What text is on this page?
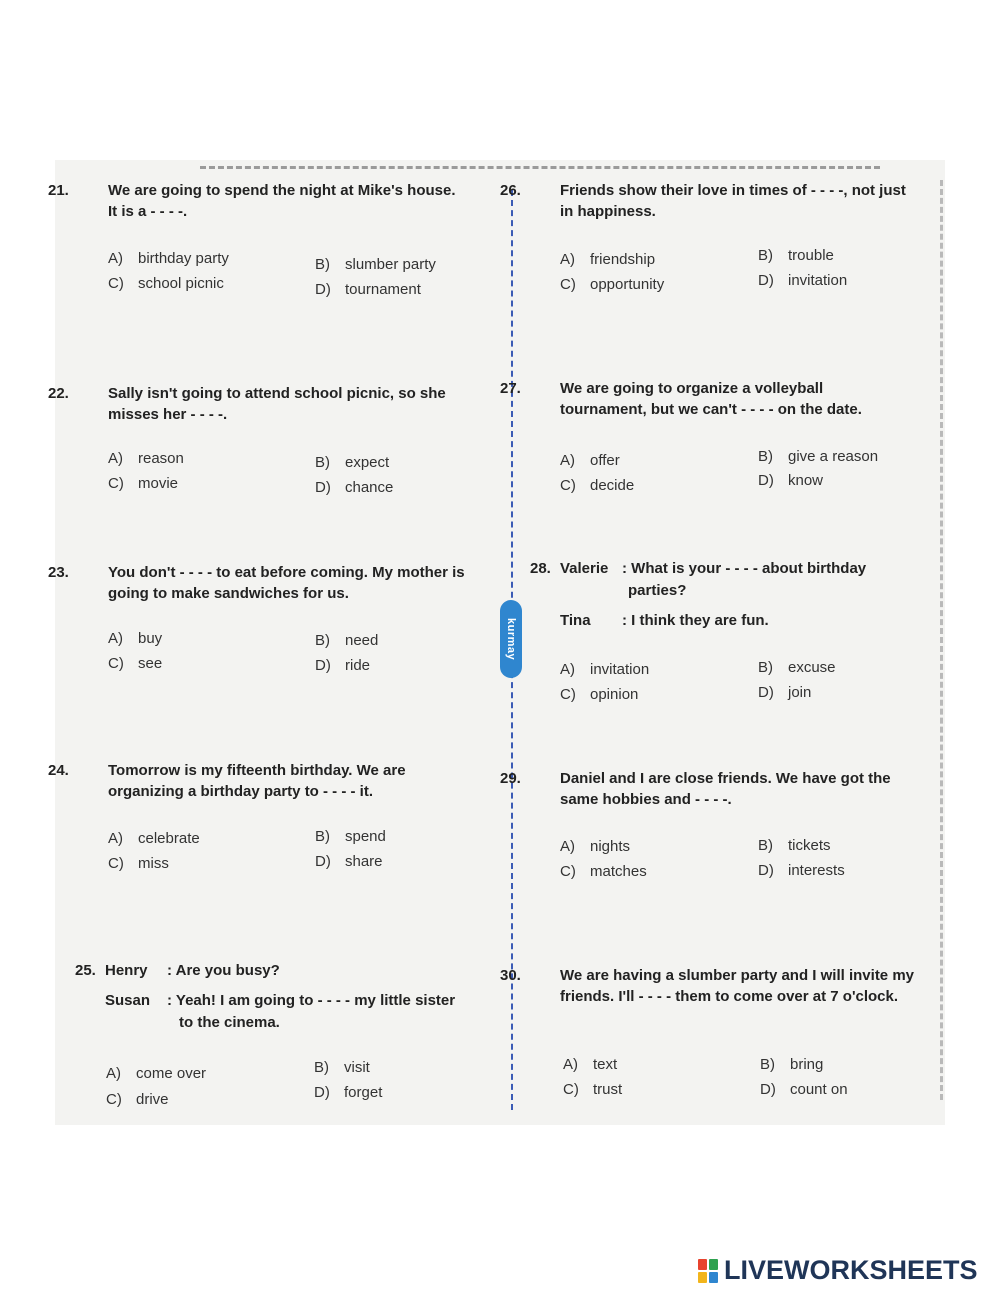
kurmay
21.	We are going to spend the night at Mike's house. It is a - - - -.
A) birthday party	B) slumber party
C) school picnic	D) tournament
22.	Sally isn't going to attend school picnic, so she misses her - - - -.
A) reason	B) expect
C) movie	D) chance
23.	You don't - - - - to eat before coming. My mother is going to make sandwiches for us.
A) buy	B) need
C) see	D) ride
24.	Tomorrow is my fifteenth birthday. We are organizing a birthday party to - - - - it.
A) celebrate	B) spend
C) miss	D) share
25. Henry : Are you busy?
Susan : Yeah! I am going to - - - - my little sister
to the cinema.
A) come over	B) visit
C) drive	D) forget
26.	Friends show their love in times of - - - -, not just in happiness.
A) friendship	B) trouble
C) opportunity	D) invitation
27.	We are going to organize a volleyball tournament, but we can't - - - - on the date.
A) offer	B) give a reason
C) decide	D) know
28. Valerie : What is your - - - - about birthday
parties?
Tina : I think they are fun.
A) invitation	B) excuse
C) opinion	D) join
29.	Daniel and I are close friends. We have got the same hobbies and - - - -.
A) nights	B) tickets
C) matches	D) interests
30.	We are having a slumber party and I will invite my friends. I'll - - - - them to come over at 7 o'clock.
A) text	B) bring
C) trust	D) count on
LIVEWORKSHEETS
